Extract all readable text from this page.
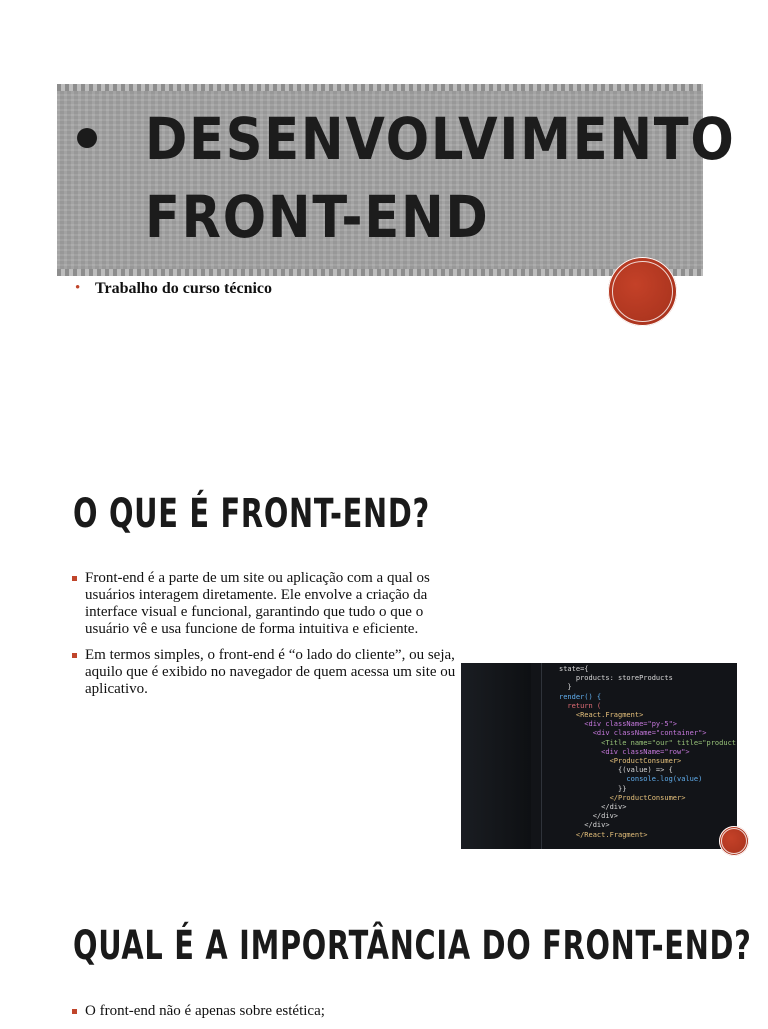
DESENVOLVIMENTO
FRONT-END
• Trabalho do curso técnico
O QUE É FRONT-END?
Front-end é a parte de um site ou aplicação com a qual os usuários interagem diretamente. Ele envolve a criação da interface visual e funcional, garantindo que tudo o que o usuário vê e usa funcione de forma intuitiva e eficiente.
Em termos simples, o front-end é “o lado do cliente”, ou seja, aquilo que é exibido no navegador de quem acessa um site ou aplicativo.
state={
products: storeProducts
}
render() {
return (
<React.Fragment>
<div className="py-5">
<div className="container">
<Title name="our" title="product
<div className="row">
<ProductConsumer>
{(value) => {
console.log(value)
}}
</ProductConsumer>
</div>
</div>
</div>
</React.Fragment>
QUAL É A IMPORTÂNCIA DO FRONT-END?
O front-end não é apenas sobre estética;
